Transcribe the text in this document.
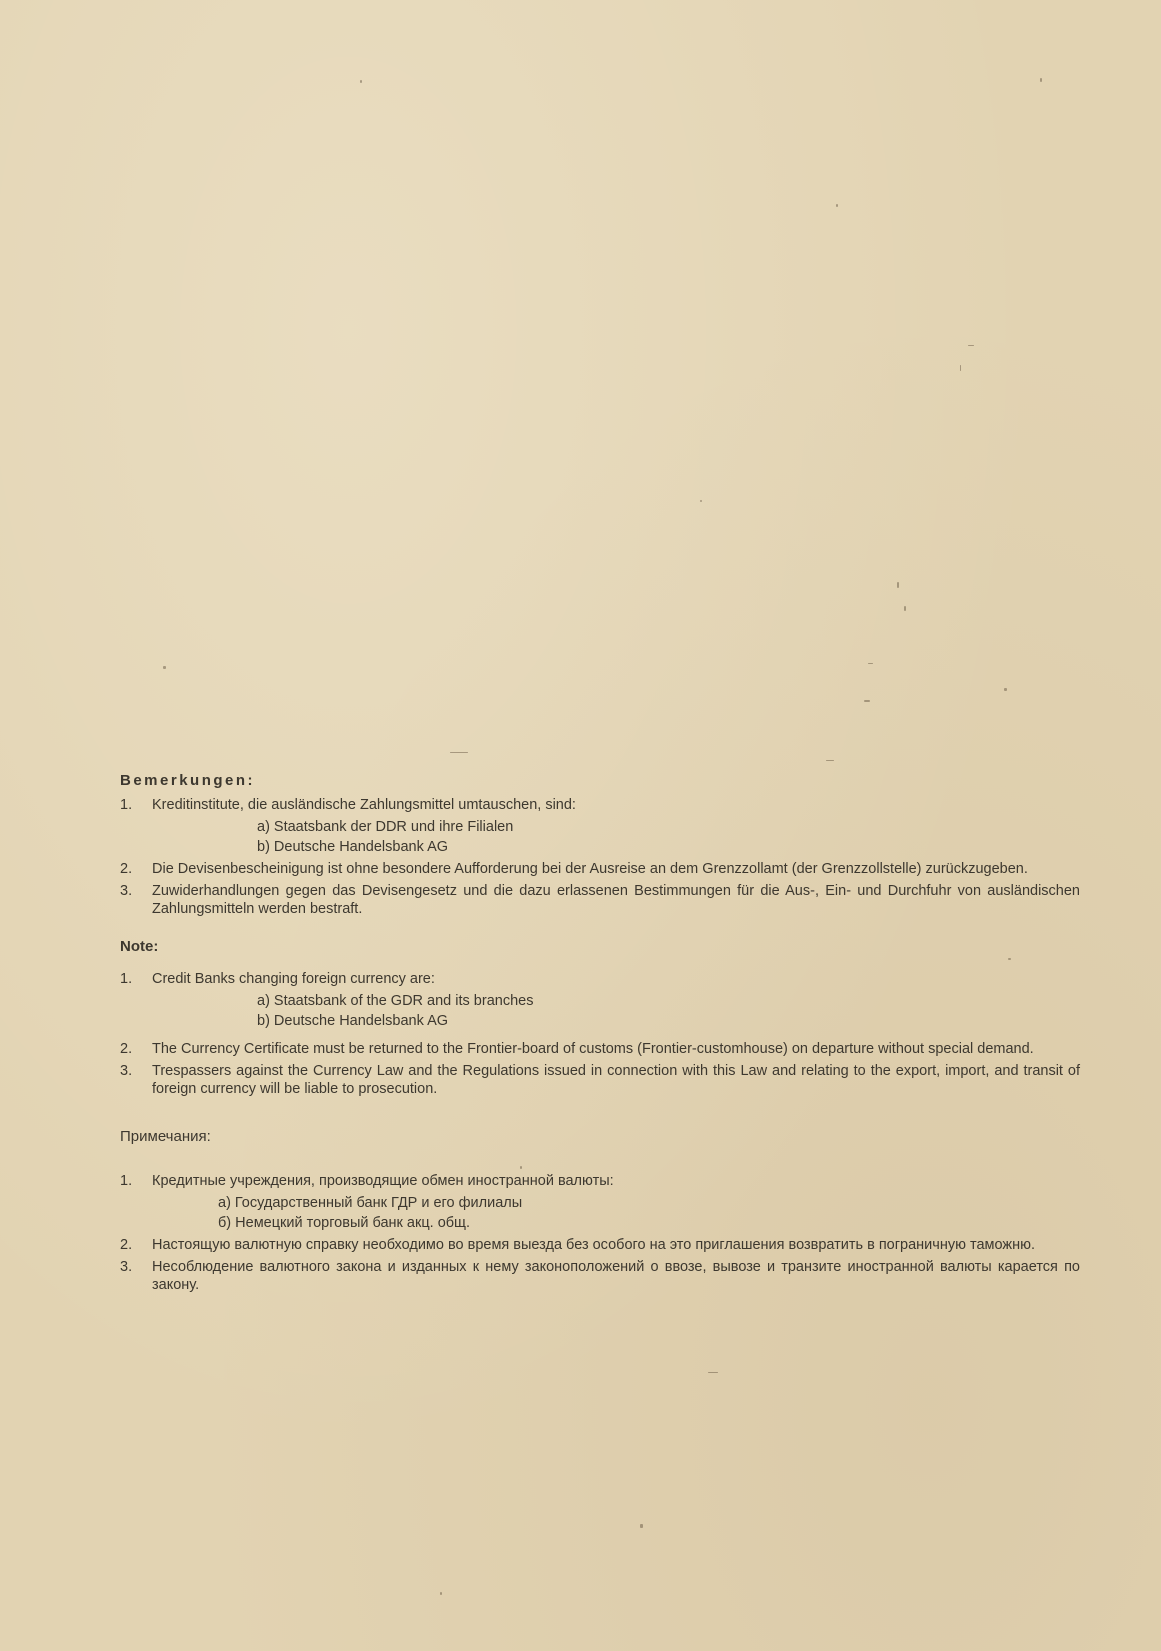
Bemerkungen:
1. Kreditinstitute, die ausländische Zahlungsmittel umtauschen, sind:
a) Staatsbank der DDR und ihre Filialen
b) Deutsche Handelsbank AG
2. Die Devisenbescheinigung ist ohne besondere Aufforderung bei der Ausreise an dem Grenzzollamt (der Grenzzollstelle) zurückzugeben.
3. Zuwiderhandlungen gegen das Devisengesetz und die dazu erlassenen Bestimmungen für die Aus-, Ein- und Durchfuhr von ausländischen Zahlungsmitteln werden bestraft.
Note:
1. Credit Banks changing foreign currency are:
a) Staatsbank of the GDR and its branches
b) Deutsche Handelsbank AG
2. The Currency Certificate must be returned to the Frontier-board of customs (Frontier-customhouse) on departure without special demand.
3. Trespassers against the Currency Law and the Regulations issued in connection with this Law and relating to the export, import, and transit of foreign currency will be liable to prosecution.
Примечания:
1. Кредитные учреждения, производящие обмен иностранной валюты:
а) Государственный банк ГДР и его филиалы
б) Немецкий торговый банк акц. общ.
2. Настоящую валютную справку необходимо во время выезда без особого на это приглашения возвратить в пограничную таможню.
3. Несоблюдение валютного закона и изданных к нему законоположений о ввозе, вывозе и транзите иностранной валюты карается по закону.
